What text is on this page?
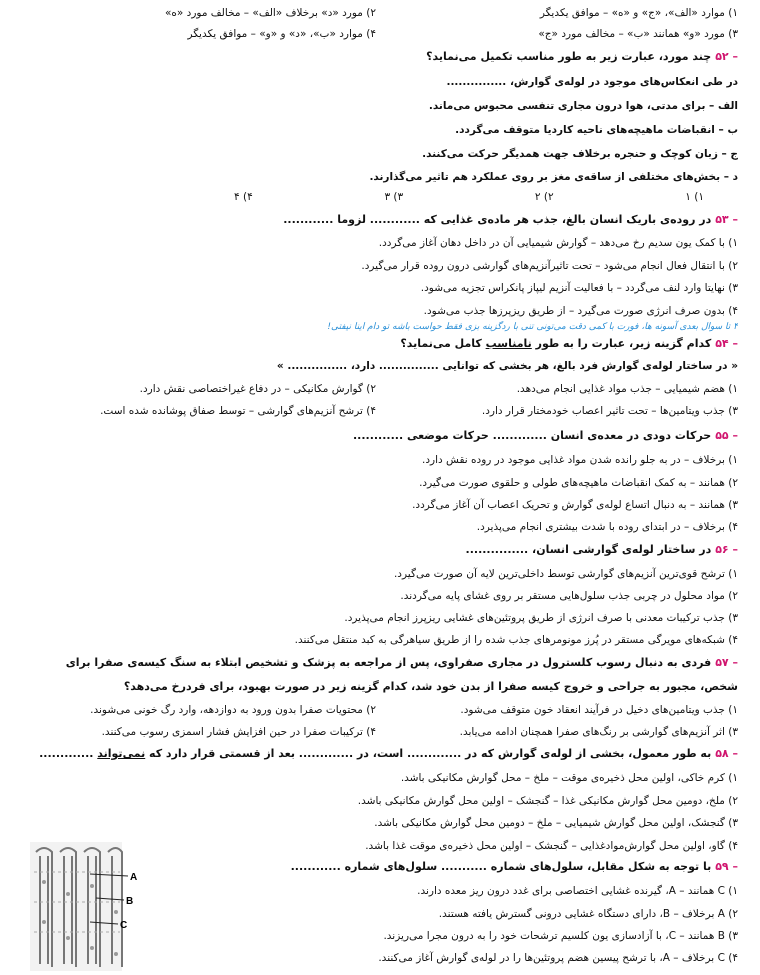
۱) موارد «الف»، «ج» و «ه» – موافق یکدیگر
۲) مورد «د» برخلاف «الف» – مخالف مورد «ه»
۳) مورد «و» همانند «ب» – مخالف مورد «ج»
۴) موارد «ب»، «د» و «و» – موافق یکدیگر
– ۵۲چند مورد، عبارت زیر به طور مناسب تکمیل می‌نماید؟
در طی انعکاس‌های موجود در لوله‌ی گوارش، ...............
الف – برای مدتی، هوا درون مجاری تنفسی محبوس می‌ماند.
ب – انقباضات ماهیچه‌های ناحیه کاردیا متوقف می‌گردد.
ج – زبان کوچک و حنجره برخلاف جهت همدیگر حرکت می‌کنند.
د – بخش‌های مختلفی از ساقه‌ی مغز بر روی عملکرد هم تاثیر می‌گذارند.
۱) ۱
۲) ۲
۳) ۳
۴) ۴
– ۵۳در روده‌ی باریک انسان بالغ، جذب هر ماده‌ی غذایی که ............ لزوما ............
۱) با کمک یون سدیم رخ می‌دهد – گوارش شیمیایی آن در داخل دهان آغاز می‌گردد.
۲) با انتقال فعال انجام می‌شود – تحت تاثیرآنزیم‌های گوارشی درون روده قرار می‌گیرد.
۳) نهایتا وارد لنف می‌گردد – با فعالیت آنزیم لیپاز پانکراس تجزیه می‌شود.
۴) بدون صرف انرژی صورت می‌گیرد – از طریق ریزپرزها جذب می‌شود.
۴ تا سوال بعدی آسونه ها، فورت با کمی دقت می‌تونی تنی با ردگزینه بزی فقط حواست باشه تو دام اینا نیفتی!
– ۵۴کدام گزینه زیر، عبارت را به طور نامناسب کامل می‌نماید؟
« در ساختار لوله‌ی گوارش فرد بالغ، هر بخشی که توانایی ............... دارد، ............... »
۱) هضم شیمیایی – جذب مواد غذایی انجام می‌دهد.
۲) گوارش مکانیکی – در دفاع غیراختصاصی نقش دارد.
۳) جذب ویتامین‌ها – تحت تاثیر اعصاب خودمختار قرار دارد.
۴) ترشح آنزیم‌های گوارشی – توسط صفاق پوشانده شده است.
– ۵۵حرکات دودی در معده‌ی انسان ............. حرکات موضعی ............
۱) برخلاف – در به جلو رانده شدن مواد غذایی موجود در روده نقش دارد.
۲) همانند – به کمک انقباضات ماهیچه‌های طولی و حلقوی صورت می‌گیرد.
۳) همانند – به دنبال اتساع لوله‌ی گوارش و تحریک اعصاب آن آغاز می‌گردد.
۴) برخلاف – در ابتدای روده با شدت بیشتری انجام می‌پذیرد.
– ۵۶در ساختار لوله‌ی گوارشی انسان، ...............
۱) ترشح قوی‌ترین آنزیم‌های گوارشی توسط داخلی‌ترین لایه آن صورت می‌گیرد.
۲) مواد محلول در چربی جذب سلول‌هایی مستقر بر روی غشای پایه می‌گردند.
۳) جذب ترکیبات معدنی با صرف انرژی از طریق پروتئین‌های غشایی ریزپرز انجام می‌پذیرد.
۴) شبکه‌های مویرگی مستقر در پُرز مونومرهای جذب شده را از طریق سیاهرگی به کبد منتقل می‌کنند.
– ۵۷فردی به دنبال رسوب کلسترول در مجاری صفراوی، پس از مراجعه به پزشک و تشخیص ابتلاء به سنگ کیسه‌ی صفرا برای
شخص، مجبور به جراحی و خروج کیسه صفرا از بدن خود شد، کدام گزینه زیر در صورت بهبود، برای فردرخ می‌دهد؟
۱) جذب ویتامین‌های دخیل در فرآیند انعقاد خون متوقف می‌شود.
۲) محتویات صفرا بدون ورود به دوازدهه، وارد رگ خونی می‌شوند.
۳) اثر آنزیم‌های گوارشی بر رنگ‌های صفرا همچنان ادامه می‌یابد.
۴) ترکیبات صفرا در حین افزایش فشار اسمزی رسوب می‌کنند.
– ۵۸به طور معمول، بخشی از لوله‌ی گوارش که در ............. است، در ............. بعد از قسمتی قرار دارد که نمی‌تواند .............
۱) کرم خاکی، اولین محل ذخیره‌ی موقت – ملخ – محل گوارش مکانیکی باشد.
۲) ملخ، دومین محل گوارش مکانیکی غذا – گنجشک – اولین محل گوارش مکانیکی باشد.
۳) گنجشک، اولین محل گوارش شیمیایی – ملخ – دومین محل گوارش مکانیکی باشد.
۴) گاو، اولین محل گوارش‌موادغذایی – گنجشک – اولین محل ذخیره‌ی موقت غذا باشد.
– ۵۹با توجه به شکل مقابل، سلول‌های شماره ........... سلول‌های شماره ............
۱) C همانند – A، گیرنده غشایی اختصاصی برای غدد درون ریز معده دارند.
۲) A برخلاف – B، دارای دستگاه غشایی درونی گسترش یافته هستند.
۳) B همانند – C، با آزادسازی یون کلسیم ترشحات خود را به درون مجرا می‌ریزند.
۴) C برخلاف – A، با ترشح پیسین هضم پروتئین‌ها را در لوله‌ی گوارش آغاز می‌کنند.
A
B
C
